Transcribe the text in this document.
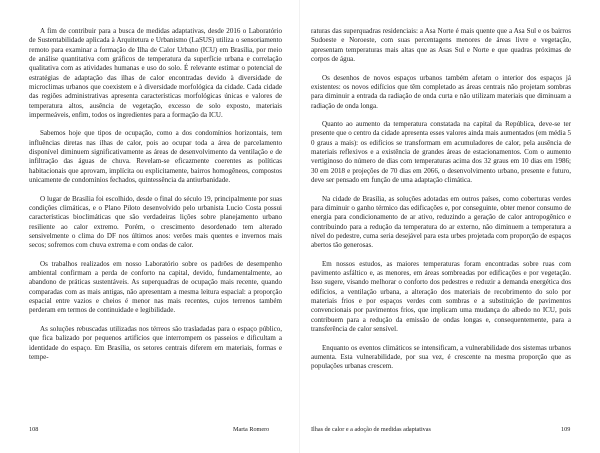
A fim de contribuir para a busca de medidas adaptativas, desde 2016 o Laboratório de Sustentabilidade aplicada à Arquitetura e Urbanismo (LaSUS) utiliza o sensoriamento remoto para examinar a formação de Ilha de Calor Urbano (ICU) em Brasília, por meio de análise quantitativa com gráficos de temperatura da superfície urbana e correlação qualitativa com as atividades humanas e uso do solo. É relevante estimar o potencial de estratégias de adaptação das ilhas de calor encontradas devido à diversidade de microclimas urbanos que coexistem e à diversidade morfológica da cidade. Cada cidade das regiões administrativas apresenta características morfológicas únicas e valores de temperatura altos, ausência de vegetação, excesso de solo exposto, materiais impermeáveis, enfim, todos os ingredientes para a formação da ICU.

Sabemos hoje que tipos de ocupação, como a dos condomínios horizontais, tem influências diretas nas ilhas de calor, pois ao ocupar toda a área de parcelamento disponível diminuem significativamente as áreas de desenvolvimento da ventilação e de infiltração das águas de chuva. Revelam-se eficazmente coerentes as políticas habitacionais que aprovam, implícita ou explicitamente, bairros homogêneos, compostos unicamente de condomínios fechados, quintessência da antiurbanidade.

O lugar de Brasília foi escolhido, desde o final do século 19, principalmente por suas condições climáticas, e o Plano Piloto desenvolvido pelo urbanista Lucio Costa possui características bioclimáticas que são verdadeiras lições sobre planejamento urbano resiliente ao calor extremo. Porém, o crescimento desordenado tem alterado sensivelmente o clima do DF nos últimos anos: verões mais quentes e invernos mais secos; sofremos com chuva extrema e com ondas de calor.

Os trabalhos realizados em nosso Laboratório sobre os padrões de desempenho ambiental confirmam a perda de conforto na capital, devido, fundamentalmente, ao abandono de práticas sustentáveis. As superquadras de ocupação mais recente, quando comparadas com as mais antigas, não apresentam a mesma leitura espacial: a proporção espacial entre vazios e cheios é menor nas mais recentes, cujos terrenos também perderam em termos de continuidade e legibilidade.

As soluções rebuscadas utilizadas nos térreos são trasladadas para o espaço público, que fica balizado por pequenos artifícios que interrompem os passeios e dificultam a identidade do espaço. Em Brasília, os setores centrais diferem em materiais, formas e tempe-

108	Marta Romero

raturas das superquadras residenciais: a Asa Norte é mais quente que a Asa Sul e os bairros Sudoeste e Noroeste, com suas percentagens menores de áreas livre e vegetação, apresentam temperaturas mais altas que as Asas Sul e Norte e que quadras próximas de corpos de água.

Os desenhos de novos espaços urbanos também afetam o interior dos espaços já existentes: os novos edifícios que têm completado as áreas centrais não projetam sombras para diminuir a entrada da radiação de onda curta e não utilizam materiais que diminuam a radiação de onda longa.

Quanto ao aumento da temperatura constatada na capital da República, deve-se ter presente que o centro da cidade apresenta esses valores ainda mais aumentados (em média 5 0 graus a mais): os edifícios se transformam em acumuladores de calor, pela ausência de materiais reflexivos e a existência de grandes áreas de estacionamentos. Com o aumento vertiginoso do número de dias com temperaturas acima dos 32 graus em 10 dias em 1986; 30 em 2018 e projeções de 70 dias em 2066, o desenvolvimento urbano, presente e futuro, deve ser pensado em função de uma adaptação climática.

Na cidade de Brasília, as soluções adotadas em outros países, como coberturas verdes para diminuir o ganho térmico das edificações e, por conseguinte, obter menor consumo de energia para condicionamento de ar ativo, reduzindo a geração de calor antropogênico e contribuindo para a redução da temperatura do ar externo, não diminuem a temperatura a nível do pedestre, cuma seria desejável para esta urbes projetada com proporção de espaços abertos tão generosas.

Em nossos estudos, as maiores temperaturas foram encontradas sobre ruas com pavimento asfáltico e, as menores, em áreas sombreadas por edificações e por vegetação. Isso sugere, visando melhorar o conforto dos pedestres e reduzir a demanda energética dos edifícios, a ventilação urbana, a alteração dos materiais de recobrimento do solo por materiais frios e por espaços verdes com sombras e a substituição de pavimentos convencionais por pavimentos frios, que implicam uma mudança do albedo no ICU, pois contribuem para a redução da emissão de ondas longas e, consequentemente, para a transferência de calor sensível.

Enquanto os eventos climáticos se intensificam, a vulnerabilidade dos sistemas urbanos aumenta. Esta vulnerabilidade, por sua vez, é crescente na mesma proporção que as populações urbanas crescem.

Ilhas de calor e a adoção de medidas adaptativas	109
